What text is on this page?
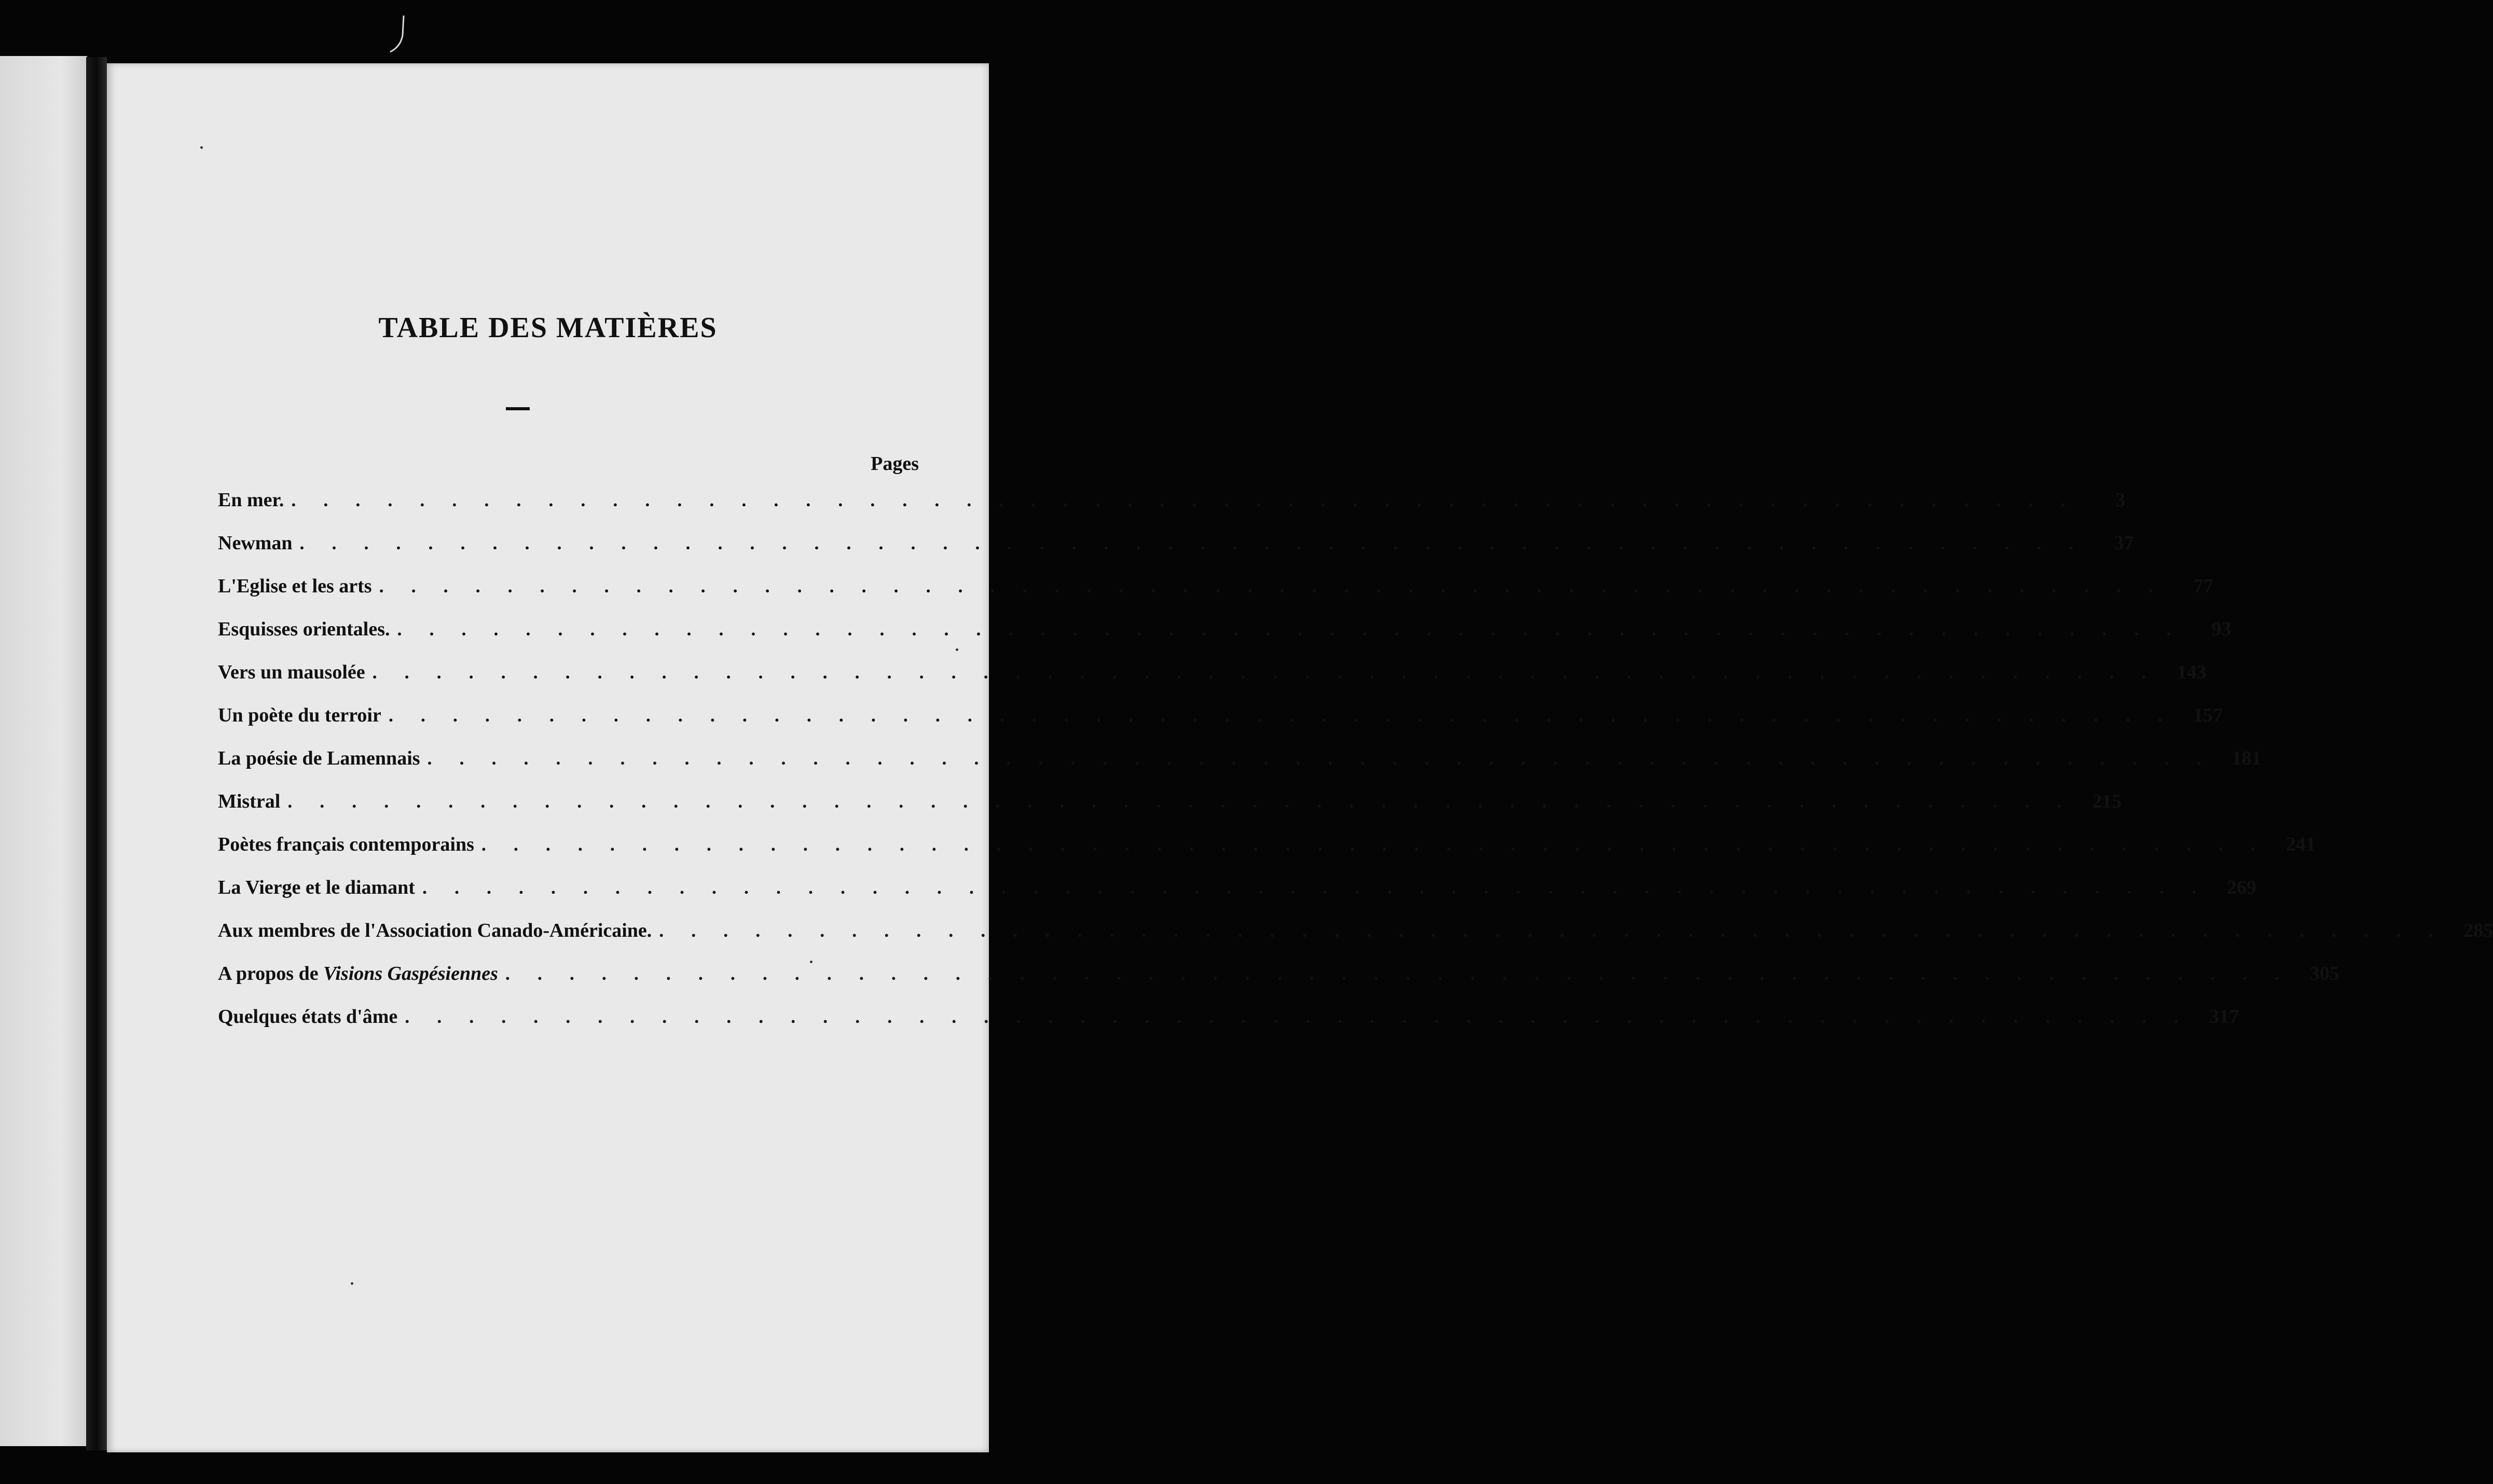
TABLE DES MATIÈRES
Pages
En mer. . . . . . . . . . . . . . . . . . . . . . . . . . . . . . . . . . . . . . . . . . . . . . . . . . . . . . . . .	3
Newman . . . . . . . . . . . . . . . . . . . . . . . . . . . . . . . . . . . . . . . . . . . . . . . . . . . . . . . .	37
L'Eglise et les arts . . . . . . . . . . . . . . . . . . . . . . . . . . . . . . . . . . . . . . . . . . . . . . . . . . . . . . . .	77
Esquisses orientales. . . . . . . . . . . . . . . . . . . . . . . . . . . . . . . . . . . . . . . . . . . . . . . . . . . . . . . . .	93
Vers un mausolée . . . . . . . . . . . . . . . . . . . . . . . . . . . . . . . . . . . . . . . . . . . . . . . . . . . . . . . . 143
Un poète du terroir . . . . . . . . . . . . . . . . . . . . . . . . . . . . . . . . . . . . . . . . . . . . . . . . . . . . . . . . 157
La poésie de Lamennais . . . . . . . . . . . . . . . . . . . . . . . . . . . . . . . . . . . . . . . . . . . . . . . . . . . . . . . . 181
Mistral . . . . . . . . . . . . . . . . . . . . . . . . . . . . . . . . . . . . . . . . . . . . . . . . . . . . . . . . 215
Poètes français contemporains . . . . . . . . . . . . . . . . . . . . . . . . . . . . . . . . . . . . . . . . . . . . . . . . . . . . . . . . 241
La Vierge et le diamant . . . . . . . . . . . . . . . . . . . . . . . . . . . . . . . . . . . . . . . . . . . . . . . . . . . . . . . . 269
Aux membres de l'Association Canado-Américaine. . . . . . . . . . . . . . . . . . . . . . . . . . . . . . . . . . . . . . . . . . . . . . . . . . . . . . . . . 285
A propos de Visions Gaspésiennes . . . . . . . . . . . . . . . . . . . . . . . . . . . . . . . . . . . . . . . . . . . . . . . . . . . . . . . . 305
Quelques états d'âme . . . . . . . . . . . . . . . . . . . . . . . . . . . . . . . . . . . . . . . . . . . . . . . . . . . . . . . . 317
